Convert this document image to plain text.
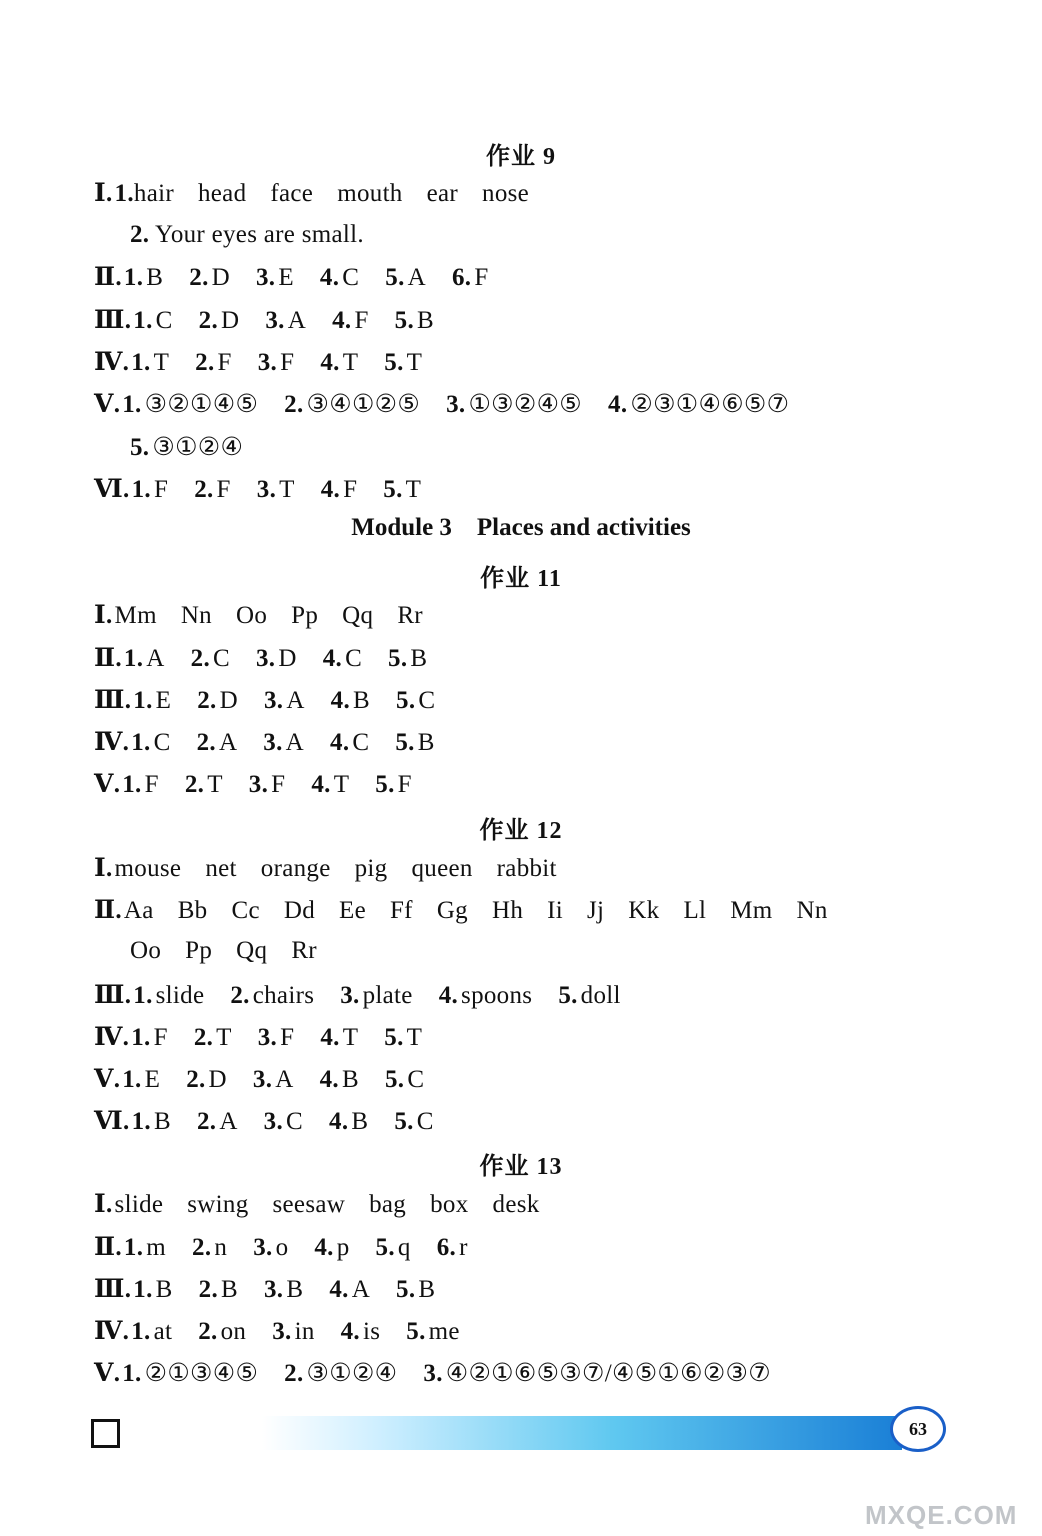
作业 9
Ⅰ.1.hair head face mouth ear nose
2. Your eyes are small.
Ⅱ.1. B 2. D 3. E 4. C 5. A 6. F
Ⅲ.1. C 2. D 3. A 4. F 5. B
Ⅳ.1. T 2. F 3. F 4. T 5. T
Ⅴ.1. ③②①④⑤ 2. ③④①②⑤ 3. ①③②④⑤ 4. ②③①④⑥⑤⑦
5. ③①②④
Ⅵ.1. F 2. F 3. T 4. F 5. T
Module 3    Places and activities
作业 11
Ⅰ.Mm Nn Oo Pp Qq Rr
Ⅱ.1. A 2. C 3. D 4. C 5. B
Ⅲ.1. E 2. D 3. A 4. B 5. C
Ⅳ.1. C 2. A 3. A 4. C 5. B
Ⅴ.1. F 2. T 3. F 4. T 5. F
作业 12
Ⅰ.mouse net orange pig queen rabbit
Ⅱ.Aa Bb Cc Dd Ee Ff Gg Hh Ii Jj Kk Ll Mm Nn
Oo Pp Qq Rr
Ⅲ.1. slide 2. chairs 3. plate 4. spoons 5. doll
Ⅳ.1. F 2. T 3. F 4. T 5. T
Ⅴ.1. E 2. D 3. A 4. B 5. C
Ⅵ.1. B 2. A 3. C 4. B 5. C
作业 13
Ⅰ.slide swing seesaw bag box desk
Ⅱ.1. m 2. n 3. o 4. p 5. q 6. r
Ⅲ.1. B 2. B 3. B 4. A 5. B
Ⅳ.1. at 2. on 3. in 4. is 5. me
Ⅴ.1. ②①③④⑤ 2. ③①②④ 3. ④②①⑥⑤③⑦/④⑤①⑥②③⑦
63
MXQE.COM
